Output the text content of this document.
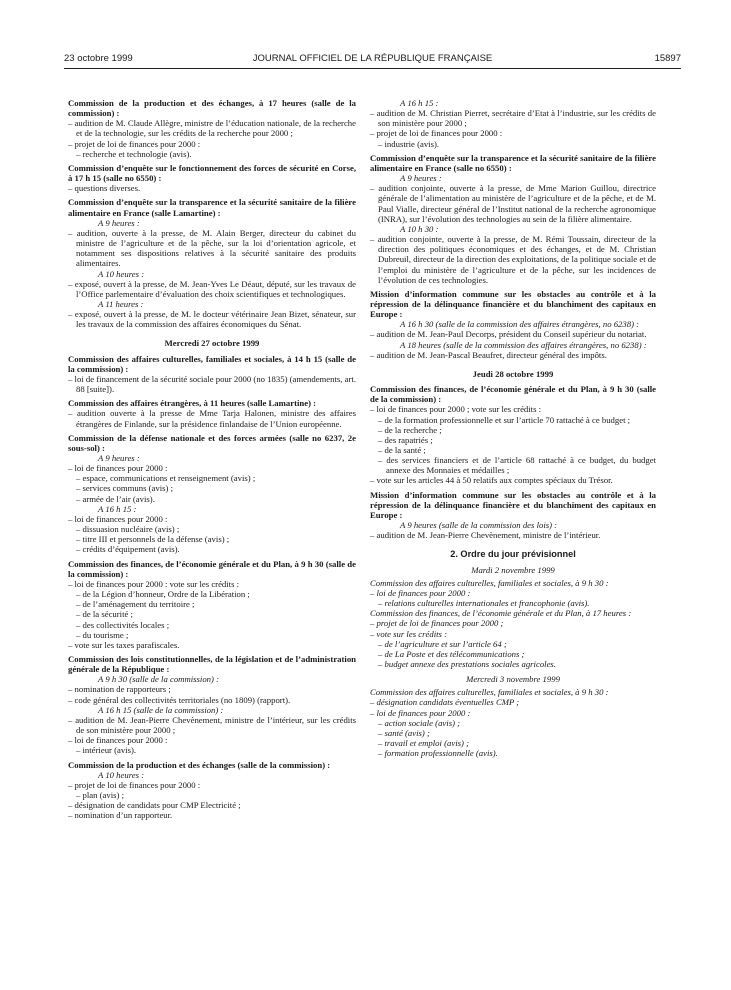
23 octobre 1999	JOURNAL OFFICIEL DE LA RÉPUBLIQUE FRANÇAISE	15897

Commission de la production et des échanges, à 17 heures (salle de la commission) :

– audition de M. Claude Allègre, ministre de l’éducation nationale, de la recherche et de la technologie, sur les crédits de la recherche pour 2000 ;

– projet de loi de finances pour 2000 :

– recherche et technologie (avis).

Commission d’enquête sur le fonctionnement des forces de sécurité en Corse, à 17 h 15 (salle no 6550) :

– questions diverses.

Commission d’enquête sur la transparence et la sécurité sanitaire de la filière alimentaire en France (salle Lamartine) :

A 9 heures :

– audition, ouverte à la presse, de M. Alain Berger, directeur du cabinet du ministre de l’agriculture et de la pêche, sur la loi d’orientation agricole, et notamment ses dispositions relatives à la sécurité sanitaire des produits alimentaires.

A 10 heures :

– exposé, ouvert à la presse, de M. Jean-Yves Le Déaut, député, sur les travaux de l’Office parlementaire d’évaluation des choix scientifiques et technologiques.

A 11 heures :

– exposé, ouvert à la presse, de M. le docteur vétérinaire Jean Bizet, sénateur, sur les travaux de la commission des affaires économiques du Sénat.

Mercredi 27 octobre 1999

Commission des affaires culturelles, familiales et sociales, à 14 h 15 (salle de la commission) :

– loi de financement de la sécurité sociale pour 2000 (no 1835) (amendements, art. 88 [suite]).

Commission des affaires étrangères, à 11 heures (salle Lamartine) :

– audition ouverte à la presse de Mme Tarja Halonen, ministre des affaires étrangères de Finlande, sur la présidence finlandaise de l’Union européenne.

Commission de la défense nationale et des forces armées (salle no 6237, 2e sous-sol) :

A 9 heures :

– loi de finances pour 2000 :

– espace, communications et renseignement (avis) ;

– services communs (avis) ;

– armée de l’air (avis).

A 16 h 15 :

– loi de finances pour 2000 :

– dissuasion nucléaire (avis) ;

– titre III et personnels de la défense (avis) ;

– crédits d’équipement (avis).

Commission des finances, de l’économie générale et du Plan, à 9 h 30 (salle de la commission) :

– loi de finances pour 2000 : vote sur les crédits :

– de la Légion d’honneur, Ordre de la Libération ;

– de l’aménagement du territoire ;

– de la sécurité ;

– des collectivités locales ;

– du tourisme ;

– vote sur les taxes parafiscales.

Commission des lois constitutionnelles, de la législation et de l’administration générale de la République :

A 9 h 30 (salle de la commission) :

– nomination de rapporteurs ;

– code général des collectivités territoriales (no 1809) (rapport).

A 16 h 15 (salle de la commission) :

– audition de M. Jean-Pierre Chevènement, ministre de l’intérieur, sur les crédits de son ministère pour 2000 ;

– loi de finances pour 2000 :

– intérieur (avis).

Commission de la production et des échanges (salle de la commission) :

A 10 heures :

– projet de loi de finances pour 2000 :

– plan (avis) ;

– désignation de candidats pour CMP Electricité ;

– nomination d’un rapporteur.

A 16 h 15 :

– audition de M. Christian Pierret, secrétaire d’Etat à l’industrie, sur les crédits de son ministère pour 2000 ;

– projet de loi de finances pour 2000 :

– industrie (avis).

Commission d’enquête sur la transparence et la sécurité sanitaire de la filière alimentaire en France (salle no 6550) :

A 9 heures :

– audition conjointe, ouverte à la presse, de Mme Marion Guillou, directrice générale de l’alimentation au ministère de l’agriculture et de la pêche, et de M. Paul Vialle, directeur général de l’Institut national de la recherche agronomique (INRA), sur l’évolution des technologies au sein de la filière alimentaire.

A 10 h 30 :

– audition conjointe, ouverte à la presse, de M. Rémi Toussain, directeur de la direction des politiques économiques et des échanges, et de M. Christian Dubreuil, directeur de la direction des exploitations, de la politique sociale et de l’emploi du ministère de l’agriculture et de la pêche, sur les incidences de l’évolution de ces technologies.

Mission d’information commune sur les obstacles au contrôle et à la répression de la délinquance financière et du blanchiment des capitaux en Europe :

A 16 h 30 (salle de la commission des affaires étrangères, no 6238) :

– audition de M. Jean-Paul Decorps, président du Conseil supérieur du notariat.

A 18 heures (salle de la commission des affaires étrangères, no 6238) :

– audition de M. Jean-Pascal Beaufret, directeur général des impôts.

Jeudi 28 octobre 1999

Commission des finances, de l’économie générale et du Plan, à 9 h 30 (salle de la commission) :

– loi de finances pour 2000 ; vote sur les crédits :

– de la formation professionnelle et sur l’article 70 rattaché à ce budget ;

– de la recherche ;

– des rapatriés ;

– de la santé ;

– des services financiers et de l’article 68 rattaché à ce budget, du budget annexe des Monnaies et médailles ;

– vote sur les articles 44 à 50 relatifs aux comptes spéciaux du Trésor.

Mission d’information commune sur les obstacles au contrôle et à la répression de la délinquance financière et du blanchiment des capitaux en Europe :

A 9 heures (salle de la commission des lois) :

– audition de M. Jean-Pierre Chevènement, ministre de l’intérieur.

2. Ordre du jour prévisionnel

Mardi 2 novembre 1999

Commission des affaires culturelles, familiales et sociales, à 9 h 30 :

– loi de finances pour 2000 :

– relations culturelles internationales et francophonie (avis).

Commission des finances, de l’économie générale et du Plan, à 17 heures :

– projet de loi de finances pour 2000 ;

– vote sur les crédits :

– de l’agriculture et sur l’article 64 ;

– de La Poste et des télécommunications ;

– budget annexe des prestations sociales agricoles.

Mercredi 3 novembre 1999

Commission des affaires culturelles, familiales et sociales, à 9 h 30 :

– désignation candidats éventuelles CMP ;

– loi de finances pour 2000 :

– action sociale (avis) ;

– santé (avis) ;

– travail et emploi (avis) ;

– formation professionnelle (avis).
